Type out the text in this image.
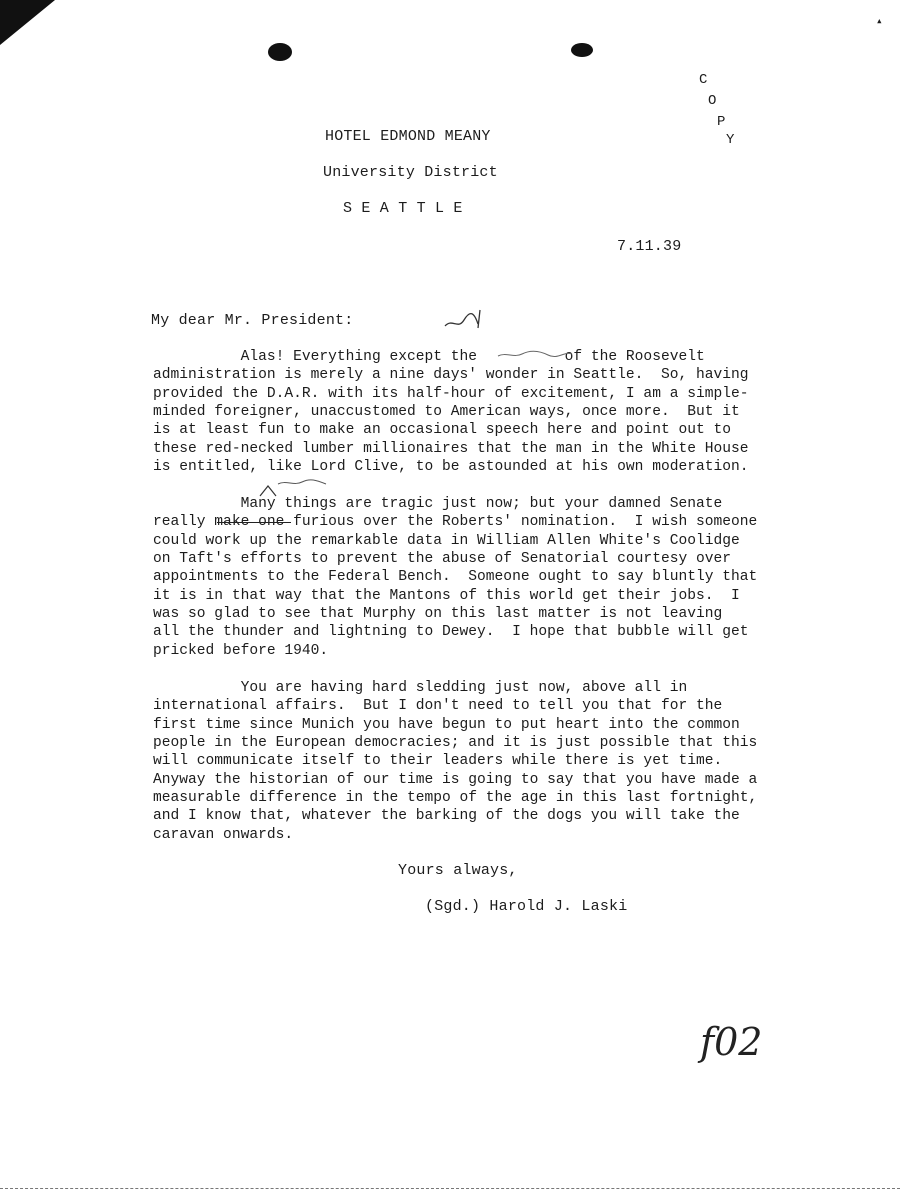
▴
C
O
P
Y
HOTEL EDMOND MEANY
University District
S E A T T L E
7.11.39
My dear Mr. President:
Alas! Everything except the          of the Roosevelt
administration is merely a nine days' wonder in Seattle.  So, having
provided the D.A.R. with its half-hour of excitement, I am a simple-
minded foreigner, unaccustomed to American ways, once more.  But it
is at least fun to make an occasional speech here and point out to
these red-necked lumber millionaires that the man in the White House
is entitled, like Lord Clive, to be astounded at his own moderation.
Many things are tragic just now; but your damned Senate
really make one furious over the Roberts' nomination.  I wish someone
could work up the remarkable data in William Allen White's Coolidge
on Taft's efforts to prevent the abuse of Senatorial courtesy over
appointments to the Federal Bench.  Someone ought to say bluntly that
it is in that way that the Mantons of this world get their jobs.  I
was so glad to see that Murphy on this last matter is not leaving
all the thunder and lightning to Dewey.  I hope that bubble will get
pricked before 1940.
You are having hard sledding just now, above all in
international affairs.  But I don't need to tell you that for the
first time since Munich you have begun to put heart into the common
people in the European democracies; and it is just possible that this
will communicate itself to their leaders while there is yet time.
Anyway the historian of our time is going to say that you have made a
measurable difference in the tempo of the age in this last fortnight,
and I know that, whatever the barking of the dogs you will take the
caravan onwards.
Yours always,
(Sgd.) Harold J. Laski
f02
